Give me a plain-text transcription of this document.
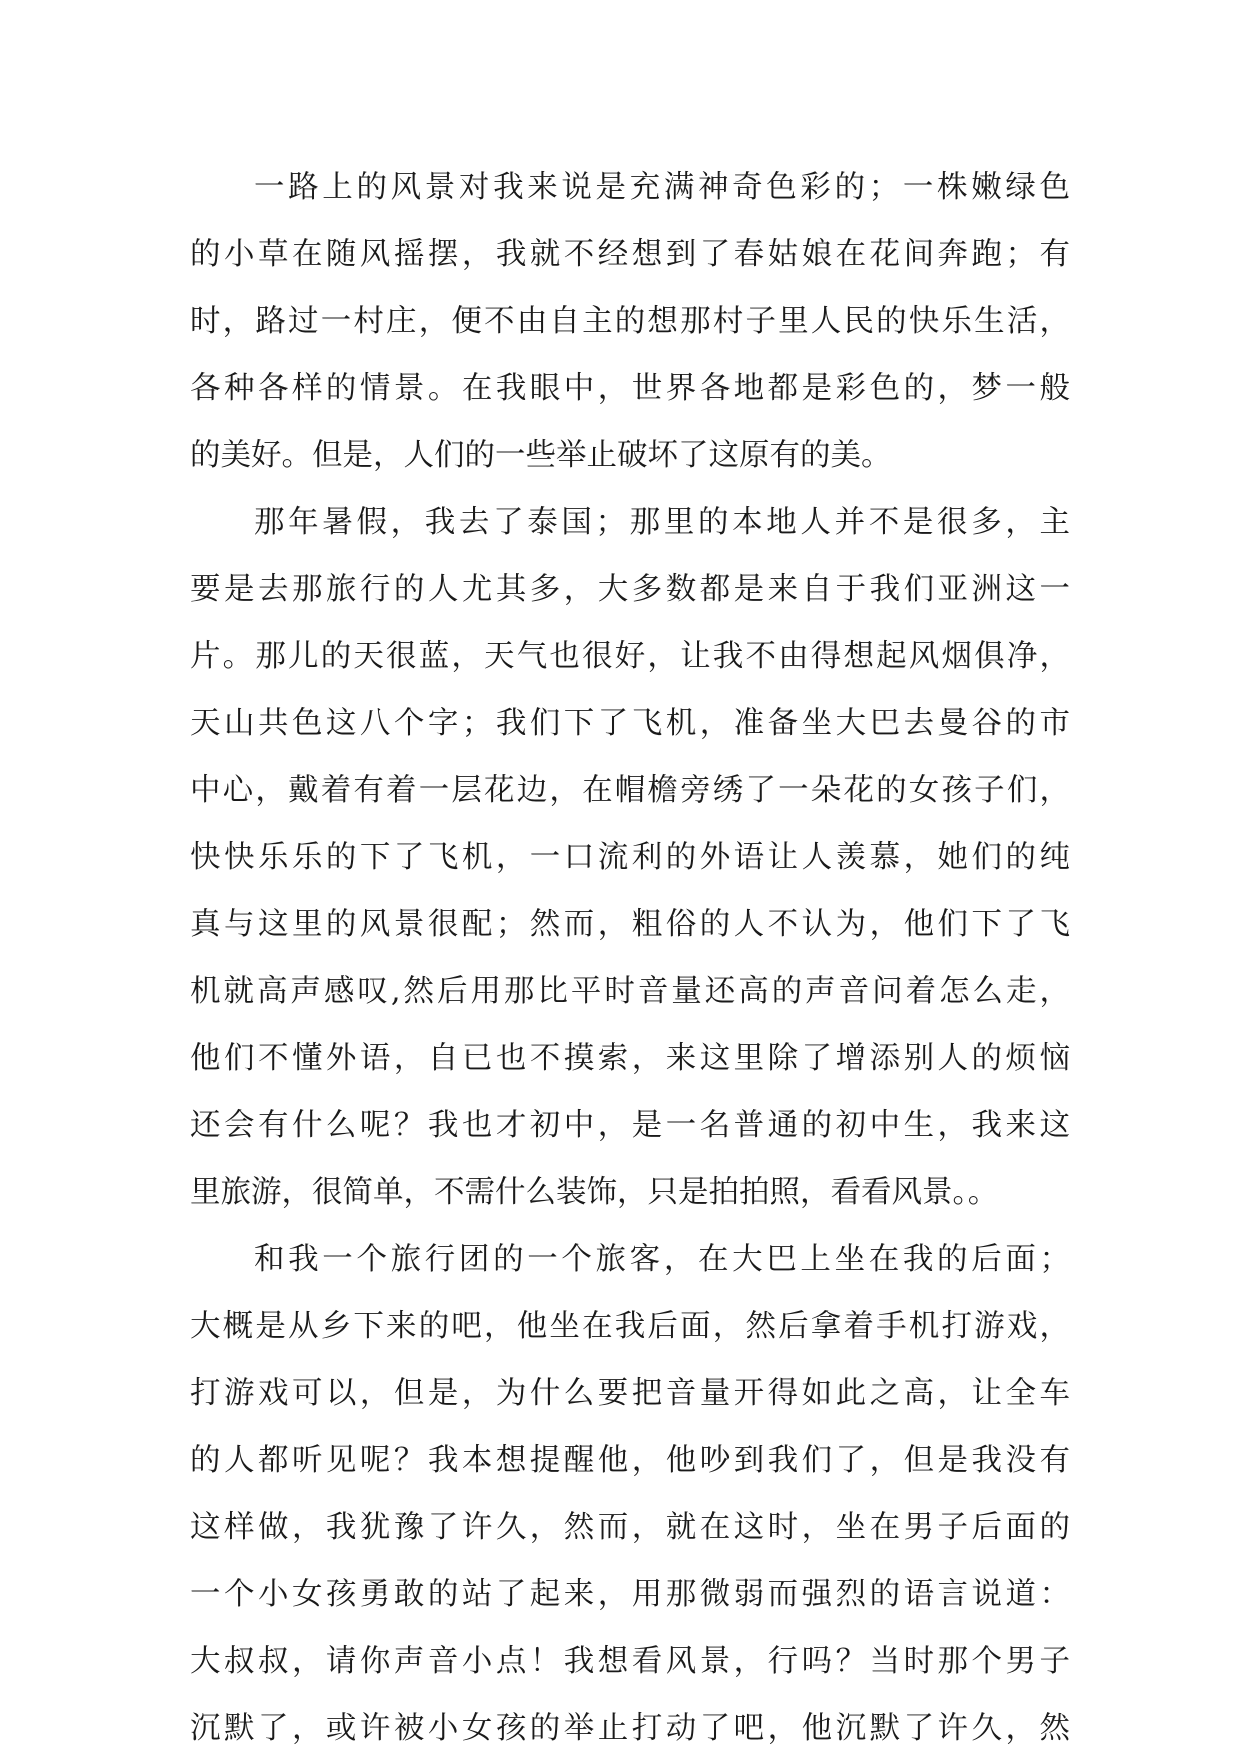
一路上的风景对我来说是充满神奇色彩的；一株嫩绿色
的小草在随风摇摆，我就不经想到了春姑娘在花间奔跑；有
时，路过一村庄，便不由自主的想那村子里人民的快乐生活，
各种各样的情景。在我眼中，世界各地都是彩色的，梦一般
的美好。但是，人们的一些举止破坏了这原有的美。
那年暑假，我去了泰国；那里的本地人并不是很多，主
要是去那旅行的人尤其多，大多数都是来自于我们亚洲这一
片。那儿的天很蓝，天气也很好，让我不由得想起风烟俱净，
天山共色这八个字；我们下了飞机，准备坐大巴去曼谷的市
中心，戴着有着一层花边，在帽檐旁绣了一朵花的女孩子们，
快快乐乐的下了飞机，一口流利的外语让人羡慕，她们的纯
真与这里的风景很配；然而，粗俗的人不认为，他们下了飞
机就高声感叹,然后用那比平时音量还高的声音问着怎么走，
他们不懂外语，自已也不摸索，来这里除了增添别人的烦恼
还会有什么呢？我也才初中，是一名普通的初中生，我来这
里旅游，很简单，不需什么装饰，只是拍拍照，看看风景。。
和我一个旅行团的一个旅客，在大巴上坐在我的后面；
大概是从乡下来的吧，他坐在我后面，然后拿着手机打游戏，
打游戏可以，但是，为什么要把音量开得如此之高，让全车
的人都听见呢？我本想提醒他，他吵到我们了，但是我没有
这样做，我犹豫了许久，然而，就在这时，坐在男子后面的
一个小女孩勇敢的站了起来，用那微弱而强烈的语言说道：
大叔叔，请你声音小点！我想看风景，行吗？当时那个男子
沉默了，或许被小女孩的举止打动了吧，他沉默了许久，然
